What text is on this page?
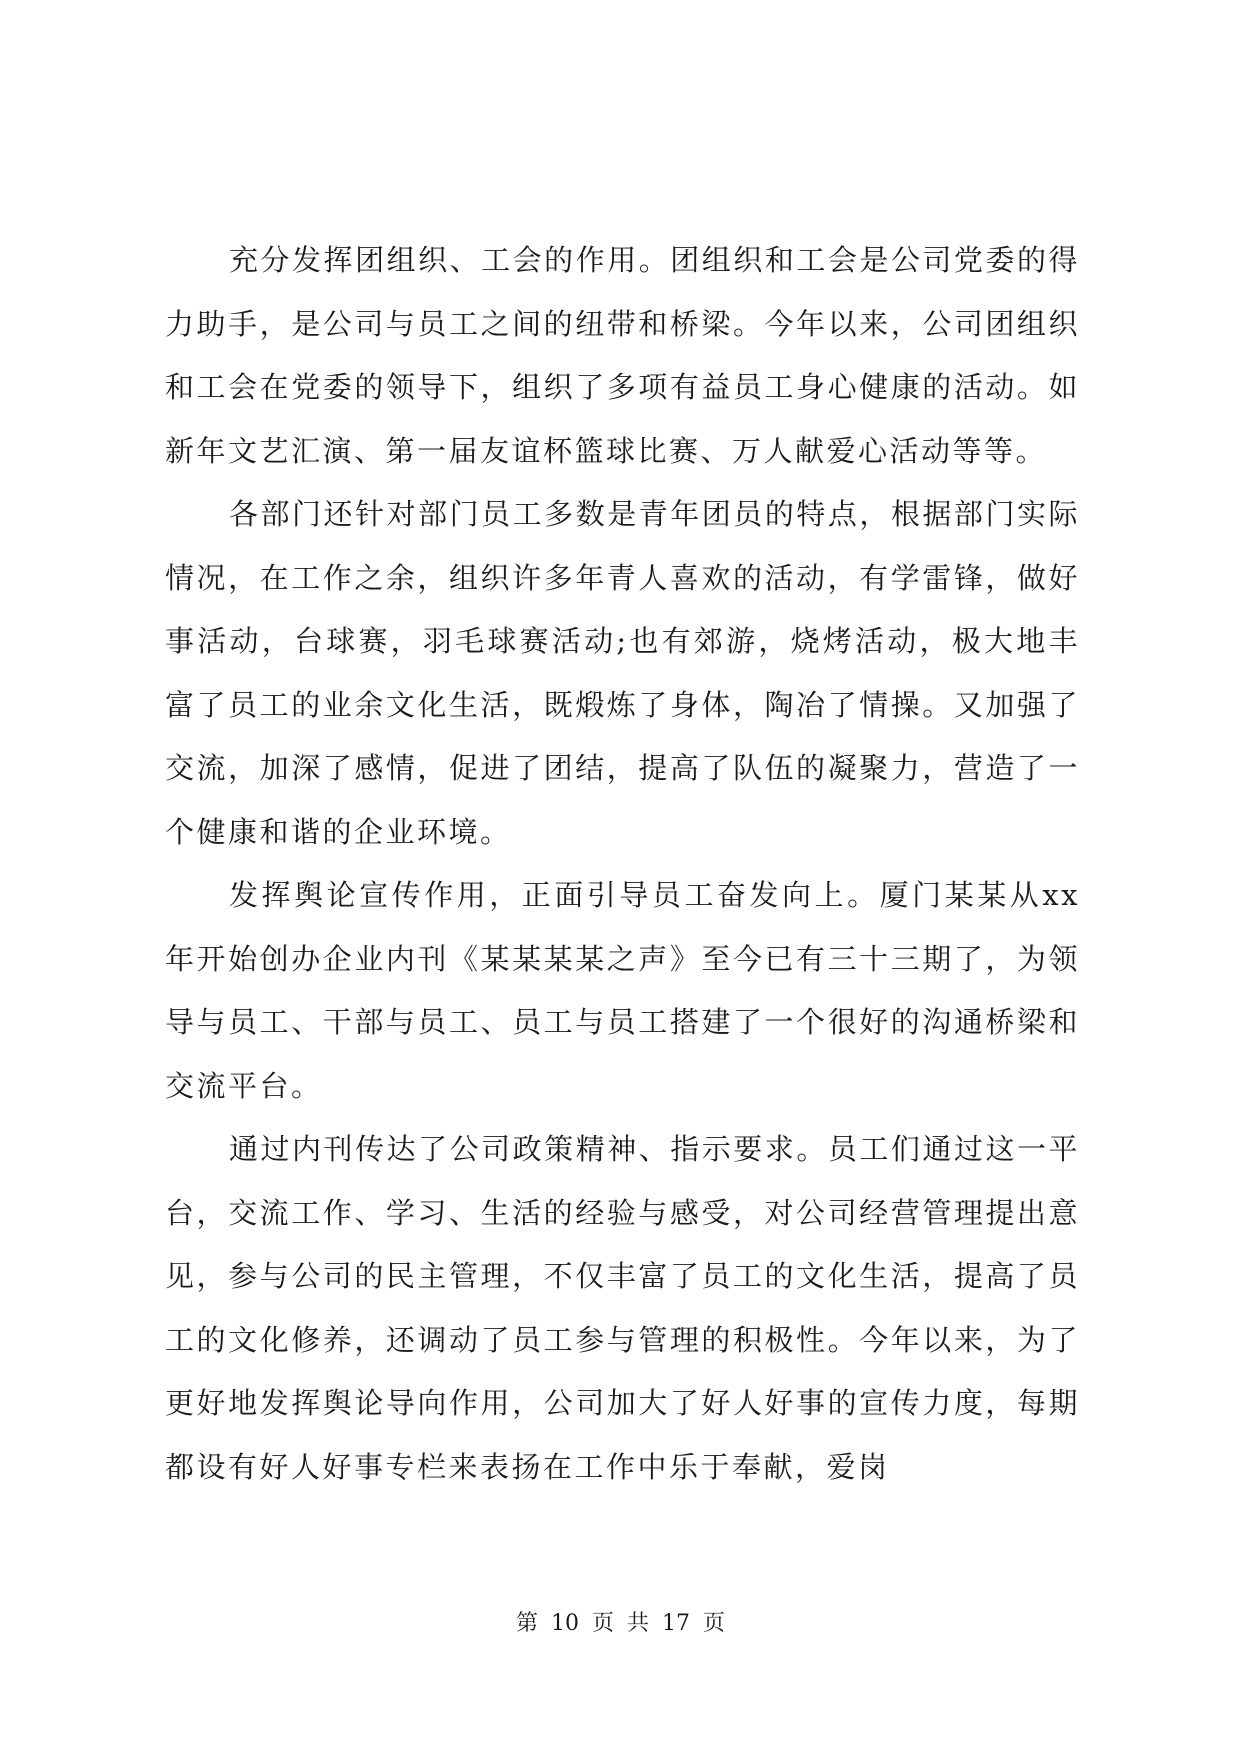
充分发挥团组织、工会的作用。团组织和工会是公司党委的得力助手，是公司与员工之间的纽带和桥梁。今年以来，公司团组织和工会在党委的领导下，组织了多项有益员工身心健康的活动。如新年文艺汇演、第一届友谊杯篮球比赛、万人献爱心活动等等。

各部门还针对部门员工多数是青年团员的特点，根据部门实际情况，在工作之余，组织许多年青人喜欢的活动，有学雷锋，做好事活动，台球赛，羽毛球赛活动;也有郊游，烧烤活动，极大地丰富了员工的业余文化生活，既煅炼了身体，陶冶了情操。又加强了交流，加深了感情，促进了团结，提高了队伍的凝聚力，营造了一个健康和谐的企业环境。

发挥舆论宣传作用，正面引导员工奋发向上。厦门某某从xx年开始创办企业内刊《某某某某之声》至今已有三十三期了，为领导与员工、干部与员工、员工与员工搭建了一个很好的沟通桥梁和交流平台。

通过内刊传达了公司政策精神、指示要求。员工们通过这一平台，交流工作、学习、生活的经验与感受，对公司经营管理提出意见，参与公司的民主管理，不仅丰富了员工的文化生活，提高了员工的文化修养，还调动了员工参与管理的积极性。今年以来，为了更好地发挥舆论导向作用，公司加大了好人好事的宣传力度，每期都设有好人好事专栏来表扬在工作中乐于奉献，爱岗

第 10 页 共 17 页
